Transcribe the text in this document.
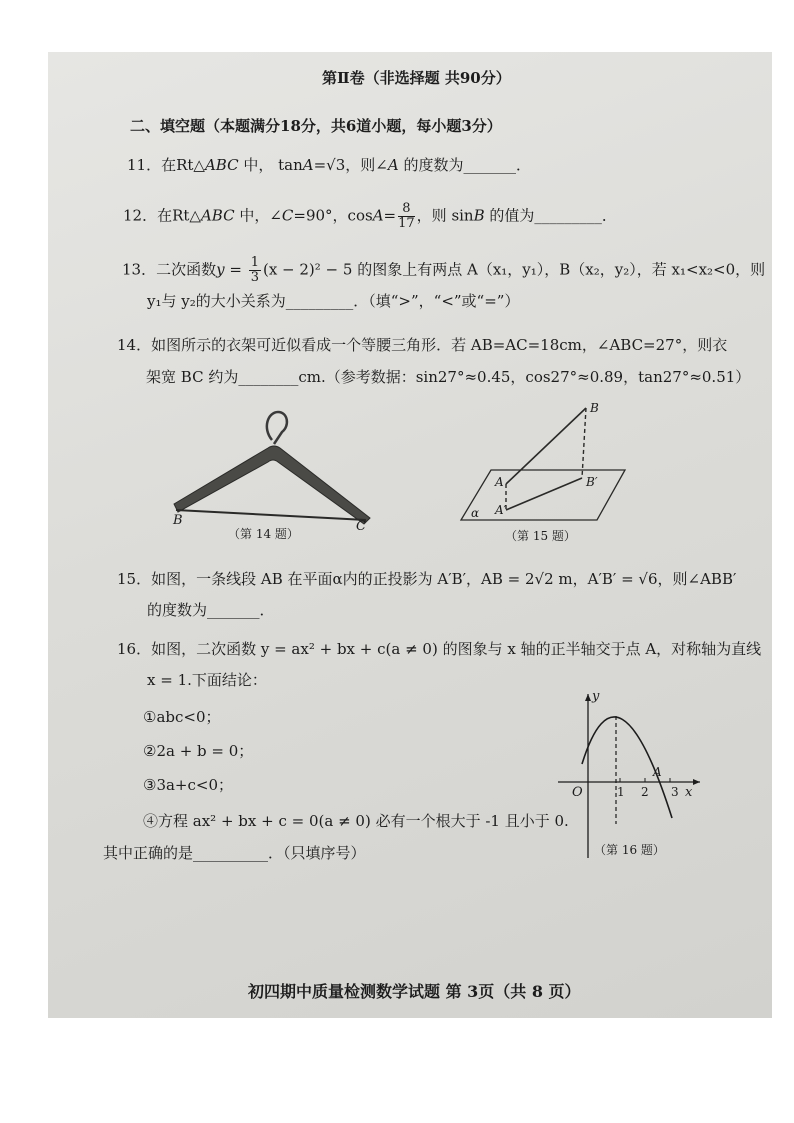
第Ⅱ卷（非选择题 共90分）
二、填空题（本题满分18分，共6道小题，每小题3分）
11．在Rt△ABC 中， tanA=√3，则∠A 的度数为_______．
12．在Rt△ABC 中，∠C=90°，$\cos A= \frac{8}{17}$ ，则 sinB 的值为_________．
13．二次函数$y = \frac{1}{3} (x - 2)^2 - 5$ 的图象上有两点 A（x₁，y₁），B（x₂，y₂），若 x₁<x₂<0，则
y₁与 y₂的大小关系为_________．（填“>”，“<”或“=”）
14．如图所示的衣架可近似看成一个等腰三角形．若 AB=AC=18cm，∠ABC=27°，则衣
架宽 BC 约为________cm.（参考数据：sin27°≈0.45，cos27°≈0.89，tan27°≈0.51）
B	C
（第 14 题）
B
B′
A
A′
α
（第 15 题）
15．如图，一条线段 AB 在平面α内的正投影为 A′B′，AB = 2√2 m，A′B′ = √6，则∠ABB′
的度数为_______．
16．如图，二次函数 y = ax² + bx + c(a ≠ 0) 的图象与 x 轴的正半轴交于点 A，对称轴为直线
x = 1.下面结论：
①abc<0；
②2a + b = 0；
③3a+c<0；
④方程 ax² + bx + c = 0(a ≠ 0) 必有一个根大于 -1 且小于 0.
其中正确的是__________．（只填序号）
y
x
O	1 2 3
A
（第 16 题）
初四期中质量检测数学试题 第 3页（共 8 页）
